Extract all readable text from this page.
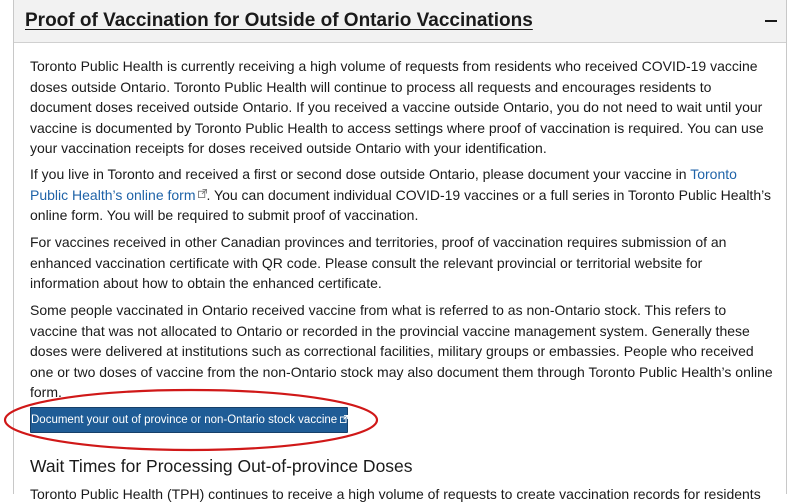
Proof of Vaccination for Outside of Ontario Vaccinations

Toronto Public Health is currently receiving a high volume of requests from residents who received COVID-19 vaccine doses outside Ontario. Toronto Public Health will continue to process all requests and encourages residents to document doses received outside Ontario. If you received a vaccine outside Ontario, you do not need to wait until your vaccine is documented by Toronto Public Health to access settings where proof of vaccination is required. You can use your vaccination receipts for doses received outside Ontario with your identification.

If you live in Toronto and received a first or second dose outside Ontario, please document your vaccine in Toronto Public Health’s online form . You can document individual COVID-19 vaccines or a full series in Toronto Public Health’s online form. You will be required to submit proof of vaccination.

For vaccines received in other Canadian provinces and territories, proof of vaccination requires submission of an enhanced vaccination certificate with QR code. Please consult the relevant provincial or territorial website for information about how to obtain the enhanced certificate.

Some people vaccinated in Ontario received vaccine from what is referred to as non-Ontario stock. This refers to vaccine that was not allocated to Ontario or recorded in the provincial vaccine management system. Generally these doses were delivered at institutions such as correctional facilities, military groups or embassies. People who received one or two doses of vaccine from the non-Ontario stock may also document them through Toronto Public Health’s online form.

Document your out of province or non-Ontario stock vaccine
Wait Times for Processing Out-of-province Doses

Toronto Public Health (TPH) continues to receive a high volume of requests to create vaccination records for residents
